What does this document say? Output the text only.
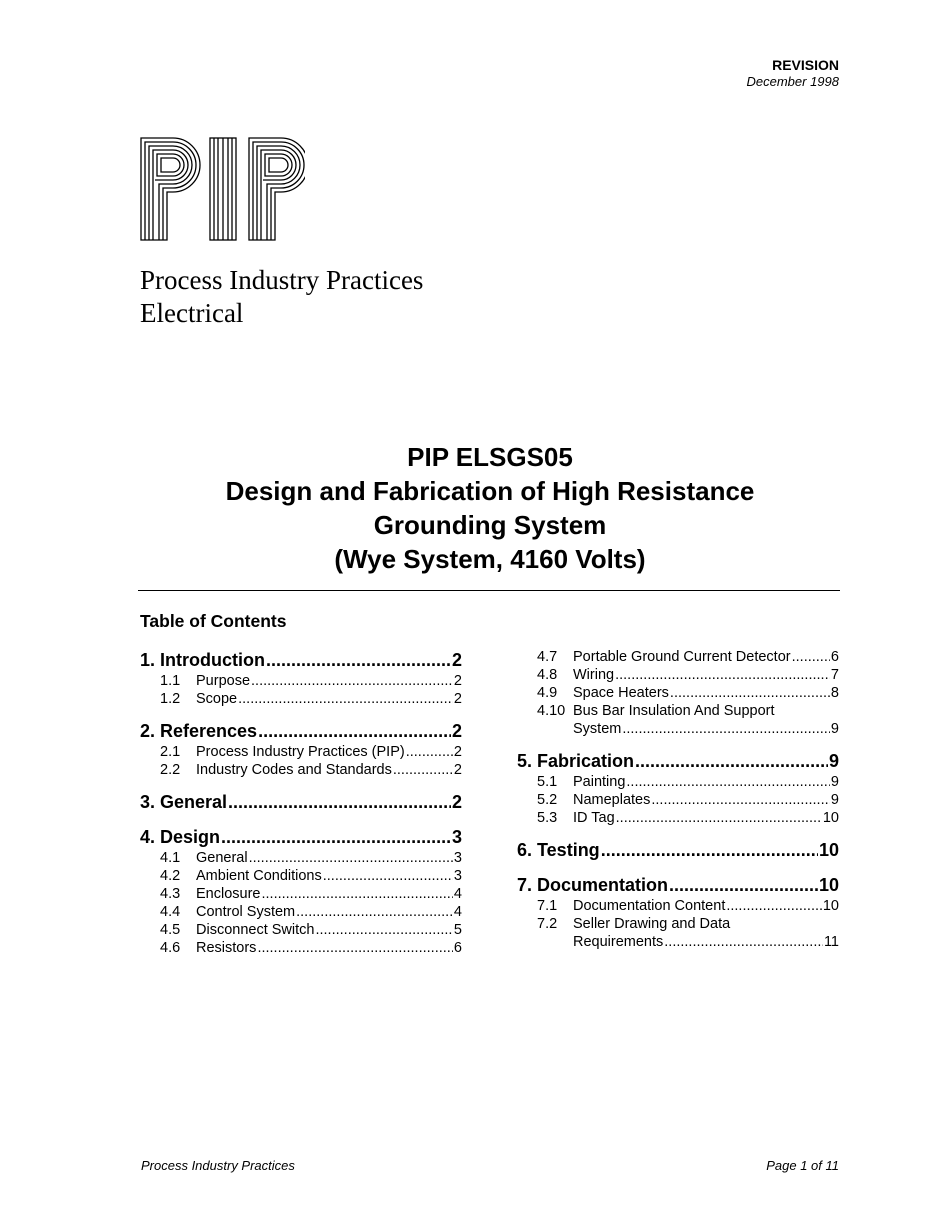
REVISION
December 1998
Process Industry Practices
Electrical
PIP ELSGS05
Design and Fabrication of High Resistance
Grounding System
(Wye System, 4160 Volts)
Table of Contents
1. Introduction .....	2
1.1	Purpose .....	2
1.2	Scope .....	2
2. References .....	2
2.1	Process Industry Practices (PIP) .....	2
2.2	Industry Codes and Standards .....	2
3. General .....	2
4. Design .....	3
4.1	General .....	3
4.2	Ambient Conditions .....	3
4.3	Enclosure .....	4
4.4	Control System .....	4
4.5	Disconnect Switch .....	5
4.6	Resistors .....	6
4.7	Portable Ground Current Detector .....	6
4.8	Wiring .....	7
4.9	Space Heaters .....	8
4.10 Bus Bar Insulation And Support
System .....	9
5. Fabrication .....	9
5.1	Painting .....	9
5.2	Nameplates .....	9
5.3	ID Tag .....	10
6. Testing .....	10
7. Documentation .....	10
7.1	Documentation Content .....	10
7.2 Seller Drawing and Data
Requirements .....	11
Process Industry Practices	Page 1 of 11
